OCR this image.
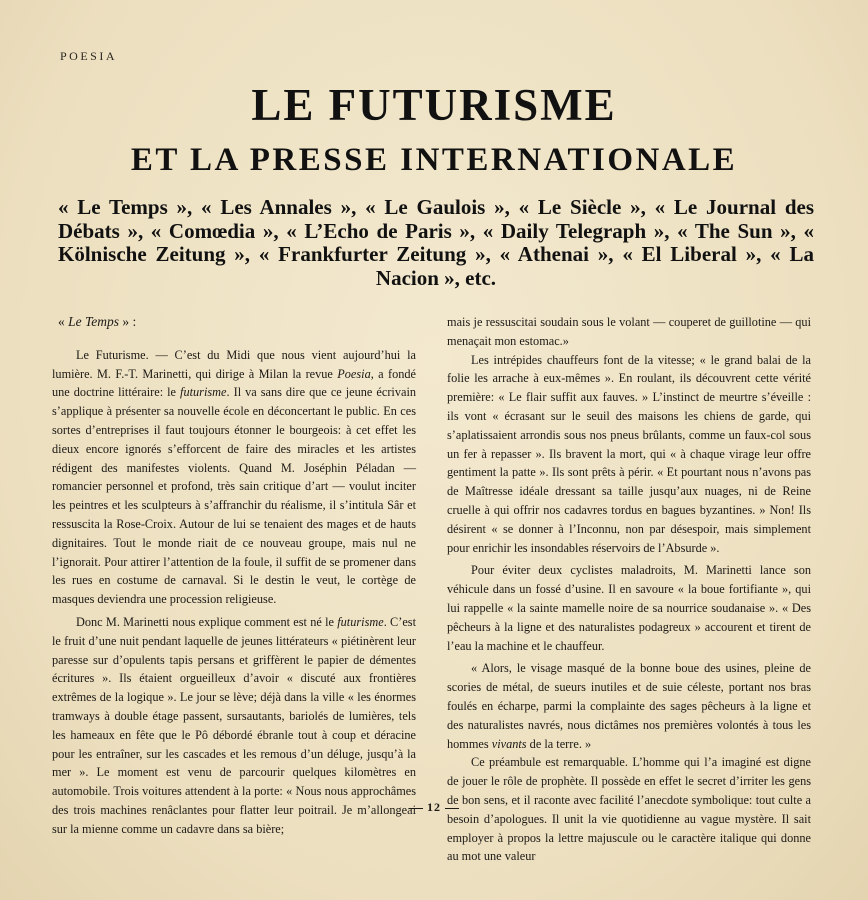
POESIA
LE FUTURISME
ET LA PRESSE INTERNATIONALE

« Le Temps », « Les Annales », « Le Gaulois », « Le Siècle », « Le Journal des Débats », « Comœdia », « L’Echo de Paris », « Daily Telegraph », « The Sun », « Kölnische Zeitung », « Frankfurter Zeitung », « Athenai », « El Liberal », « La Nacion », etc.

« Le Temps » :

Le Futurisme. — C’est du Midi que nous vient aujourd’hui la lumière. M. F.-T. Marinetti, qui dirige à Milan la revue Poesia, a fondé une doctrine littéraire: le futurisme. Il va sans dire que ce jeune écrivain s’applique à présenter sa nouvelle école en déconcertant le public. En ces sortes d’entreprises il faut toujours étonner le bourgeois: à cet effet les dieux encore ignorés s’efforcent de faire des miracles et les artistes rédigent des manifestes violents. Quand M. Joséphin Péladan — romancier personnel et profond, très sain critique d’art — voulut inciter les peintres et les sculpteurs à s’affranchir du réalisme, il s’intitula Sâr et ressuscita la Rose-Croix. Autour de lui se tenaient des mages et de hauts dignitaires. Tout le monde riait de ce nouveau groupe, mais nul ne l’ignorait. Pour attirer l’attention de la foule, il suffit de se promener dans les rues en costume de carnaval. Si le destin le veut, le cortège de masques deviendra une procession religieuse.

Donc M. Marinetti nous explique comment est né le futurisme. C’est le fruit d’une nuit pendant laquelle de jeunes littérateurs « piétinèrent leur paresse sur d’opulents tapis persans et griffèrent le papier de démentes écritures ». Ils étaient orgueilleux d’avoir « discuté aux frontières extrêmes de la logique ». Le jour se lève; déjà dans la ville « les énormes tramways à double étage passent, sursautants, bariolés de lumières, tels les hameaux en fête que le Pô débordé ébranle tout à coup et déracine pour les entraîner, sur les cascades et les remous d’un déluge, jusqu’à la mer ». Le moment est venu de parcourir quelques kilomètres en automobile. Trois voitures attendent à la porte: « Nous nous approchâmes des trois machines renâclantes pour flatter leur poitrail. Je m’allongeai sur la mienne comme un cadavre dans sa bière;

mais je ressuscitai soudain sous le volant — couperet de guillotine — qui menaçait mon estomac.»

Les intrépides chauffeurs font de la vitesse; « le grand balai de la folie les arrache à eux-mêmes ». En roulant, ils découvrent cette vérité première: « Le flair suffit aux fauves. » L’instinct de meurtre s’éveille : ils vont « écrasant sur le seuil des maisons les chiens de garde, qui s’aplatissaient arrondis sous nos pneus brûlants, comme un faux-col sous un fer à repasser ». Ils bravent la mort, qui « à chaque virage leur offre gentiment la patte ». Ils sont prêts à périr. « Et pourtant nous n’avons pas de Maîtresse idéale dressant sa taille jusqu’aux nuages, ni de Reine cruelle à qui offrir nos cadavres tordus en bagues byzantines. » Non! Ils désirent « se donner à l’Inconnu, non par désespoir, mais simplement pour enrichir les insondables réservoirs de l’Absurde ».

Pour éviter deux cyclistes maladroits, M. Marinetti lance son véhicule dans un fossé d’usine. Il en savoure « la boue fortifiante », qui lui rappelle « la sainte mamelle noire de sa nourrice soudanaise ». « Des pêcheurs à la ligne et des naturalistes podagreux » accourent et tirent de l’eau la machine et le chauffeur.

« Alors, le visage masqué de la bonne boue des usines, pleine de scories de métal, de sueurs inutiles et de suie céleste, portant nos bras foulés en écharpe, parmi la complainte des sages pêcheurs à la ligne et des naturalistes navrés, nous dictâmes nos premières volontés à tous les hommes vivants de la terre. »

Ce préambule est remarquable. L’homme qui l’a imaginé est digne de jouer le rôle de prophète. Il possède en effet le secret d’irriter les gens de bon sens, et il raconte avec facilité l’anecdote symbolique: tout culte a besoin d’apologues. Il unit la vie quotidienne au vague mystère. Il sait employer à propos la lettre majuscule ou le caractère italique qui donne au mot une valeur

12
